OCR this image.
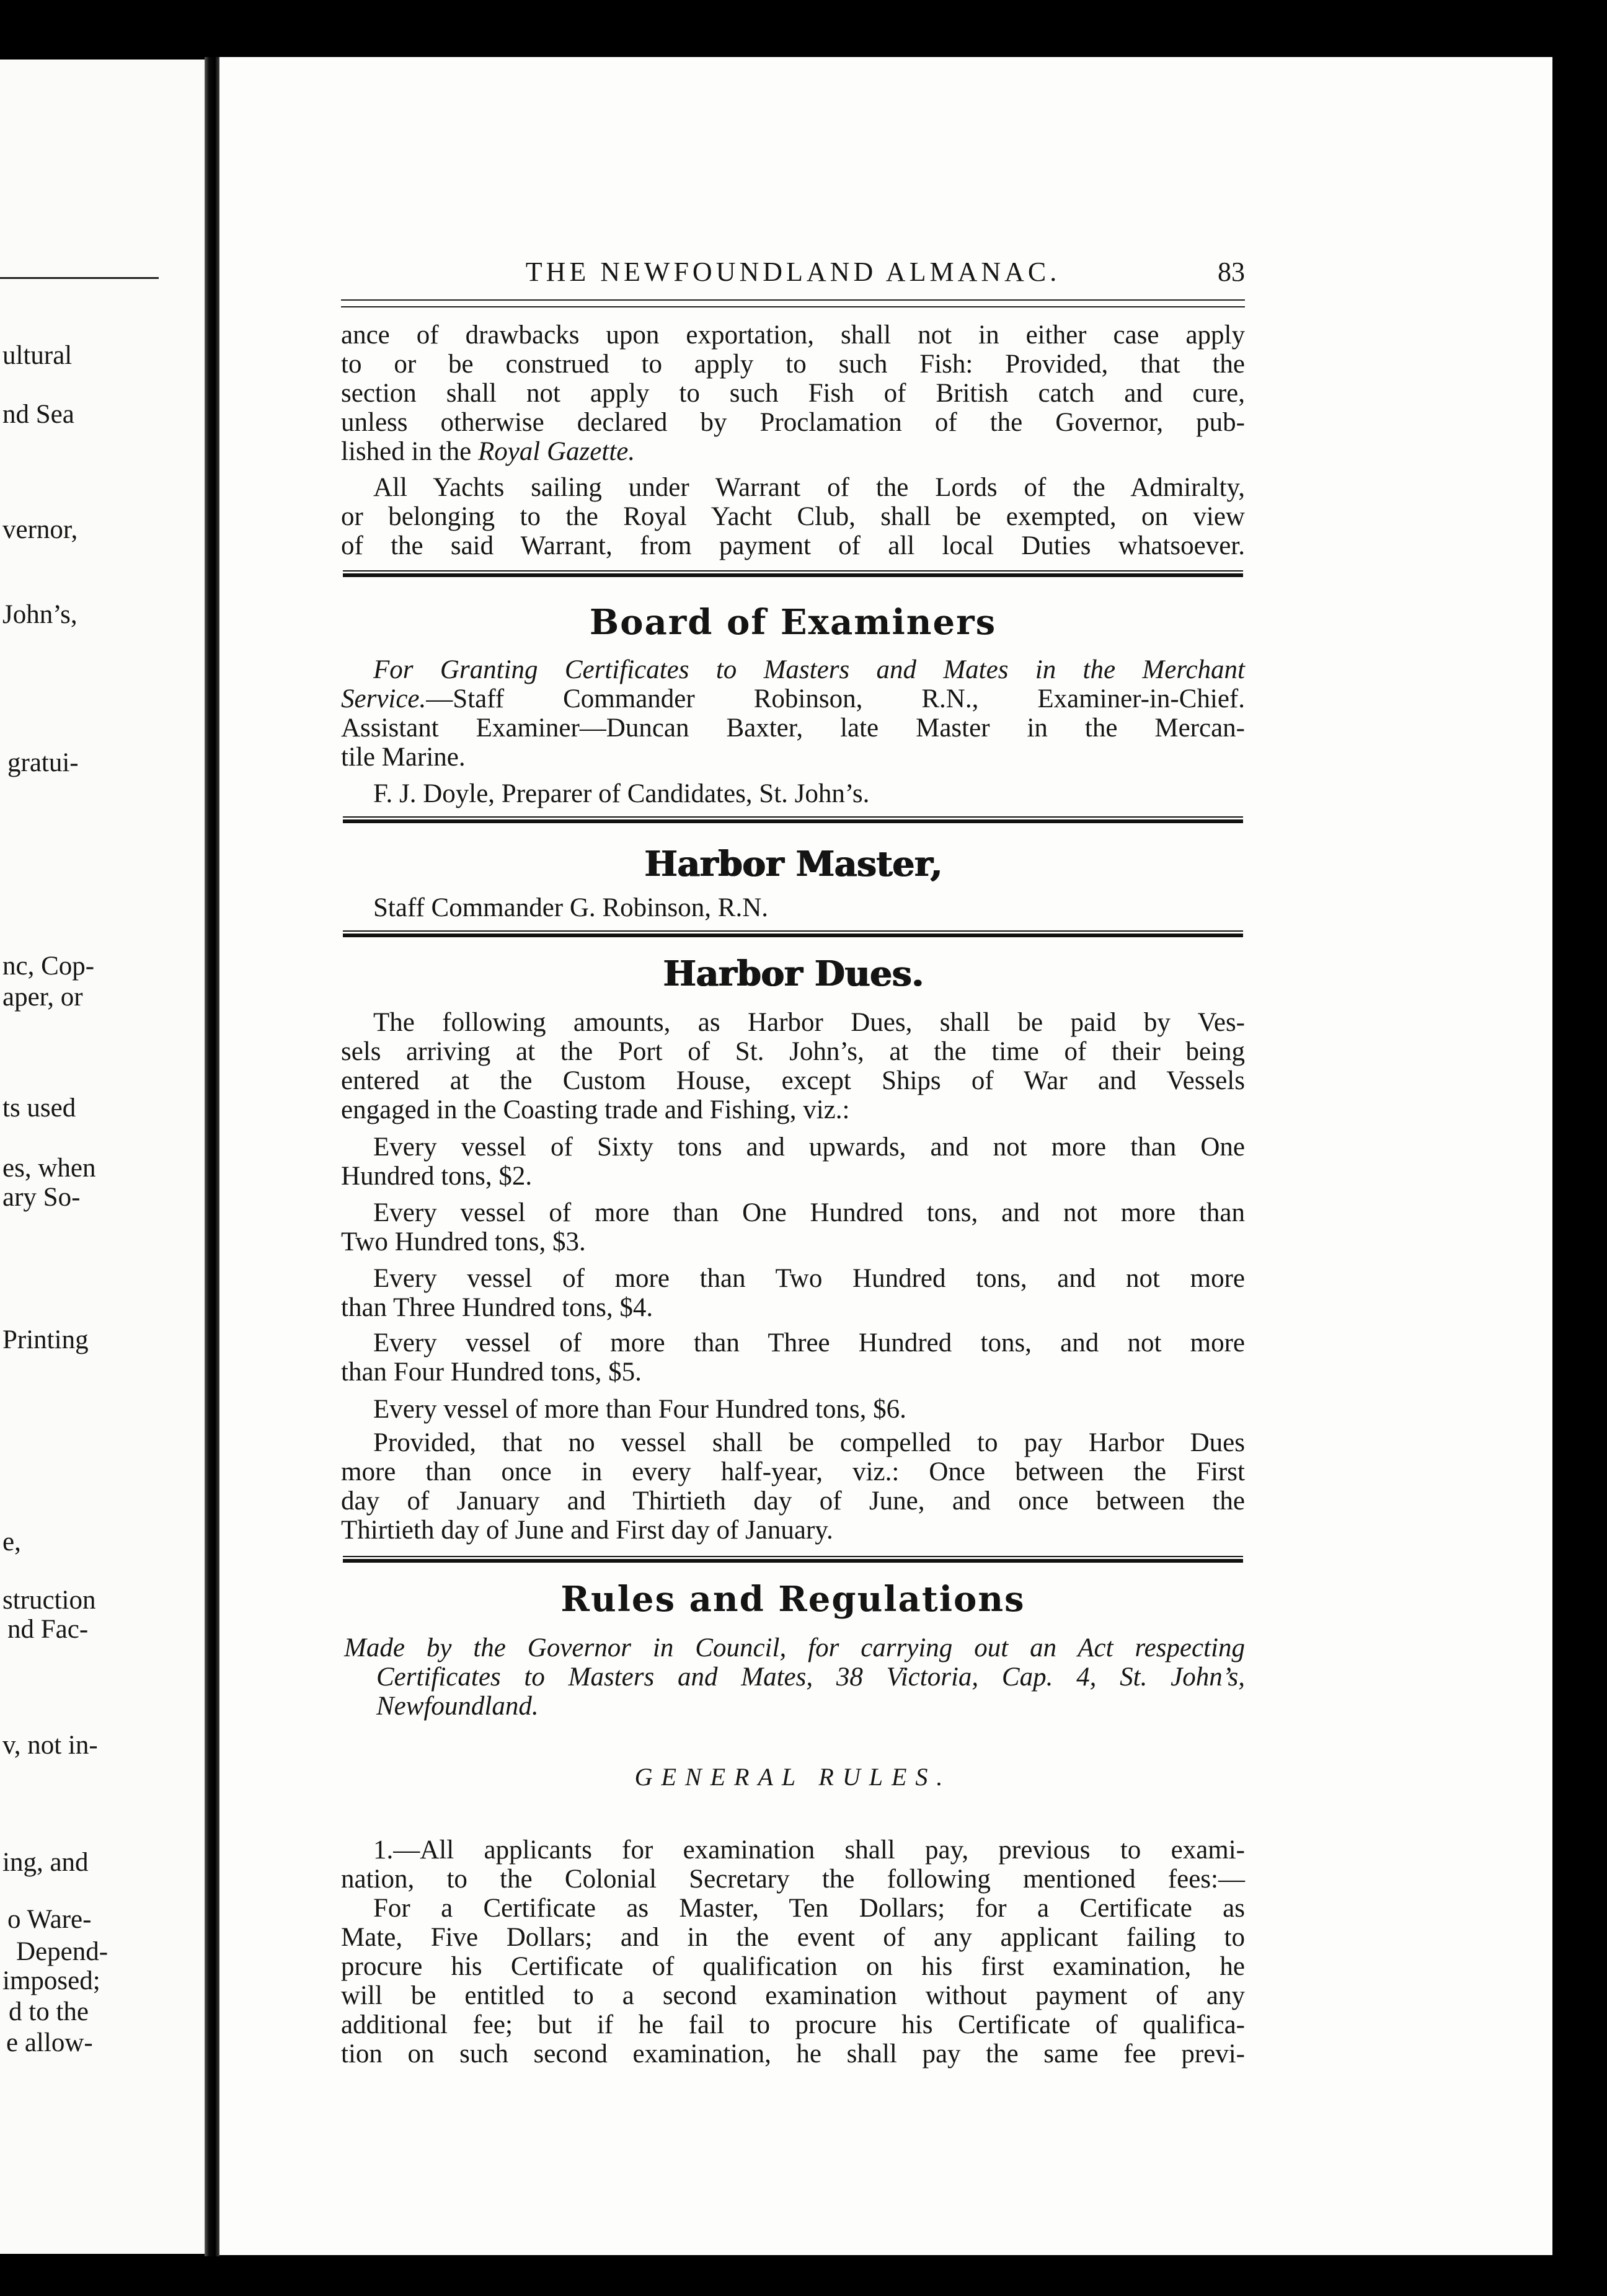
ultural
nd Sea
vernor,
John’s,
gratui-
nc, Cop-
aper, or
ts used
es, when
ary So-
Printing
e,
struction
nd Fac-
v, not in-
ing, and
o Ware-
Depend-
imposed;
d to the
e allow-
THE NEWFOUNDLAND ALMANAC.	83
ance of drawbacks upon exportation, shall not in either case apply
to or be construed to apply to such Fish: Provided, that the
section shall not apply to such Fish of British catch and cure,
unless otherwise declared by Proclamation of the Governor, pub-
lished in the Royal Gazette.
All Yachts sailing under Warrant of the Lords of the Admiralty,
or belonging to the Royal Yacht Club, shall be exempted, on view
of the said Warrant, from payment of all local Duties whatsoever.
Board of Examiners
For Granting Certificates to Masters and Mates in the Merchant
Service.—Staff Commander Robinson, R.N., Examiner-in-Chief.
Assistant Examiner—Duncan Baxter, late Master in the Mercan-
tile Marine.
F. J. Doyle, Preparer of Candidates, St. John’s.
Harbor Master,
Staff Commander G. Robinson, R.N.
Harbor Dues.
The following amounts, as Harbor Dues, shall be paid by Ves-
sels arriving at the Port of St. John’s, at the time of their being
entered at the Custom House, except Ships of War and Vessels
engaged in the Coasting trade and Fishing, viz.:
Every vessel of Sixty tons and upwards, and not more than One
Hundred tons, $2.
Every vessel of more than One Hundred tons, and not more than
Two Hundred tons, $3.
Every vessel of more than Two Hundred tons, and not more
than Three Hundred tons, $4.
Every vessel of more than Three Hundred tons, and not more
than Four Hundred tons, $5.
Every vessel of more than Four Hundred tons, $6.
Provided, that no vessel shall be compelled to pay Harbor Dues
more than once in every half-year, viz.: Once between the First
day of January and Thirtieth day of June, and once between the
Thirtieth day of June and First day of January.
Rules and Regulations
Made by the Governor in Council, for carrying out an Act respecting
Certificates to Masters and Mates, 38 Victoria, Cap. 4, St. John’s,
Newfoundland.
GENERAL RULES.
1.—All applicants for examination shall pay, previous to exami-
nation, to the Colonial Secretary the following mentioned fees:—
For a Certificate as Master, Ten Dollars; for a Certificate as
Mate, Five Dollars; and in the event of any applicant failing to
procure his Certificate of qualification on his first examination, he
will be entitled to a second examination without payment of any
additional fee; but if he fail to procure his Certificate of qualifica-
tion on such second examination, he shall pay the same fee previ-
